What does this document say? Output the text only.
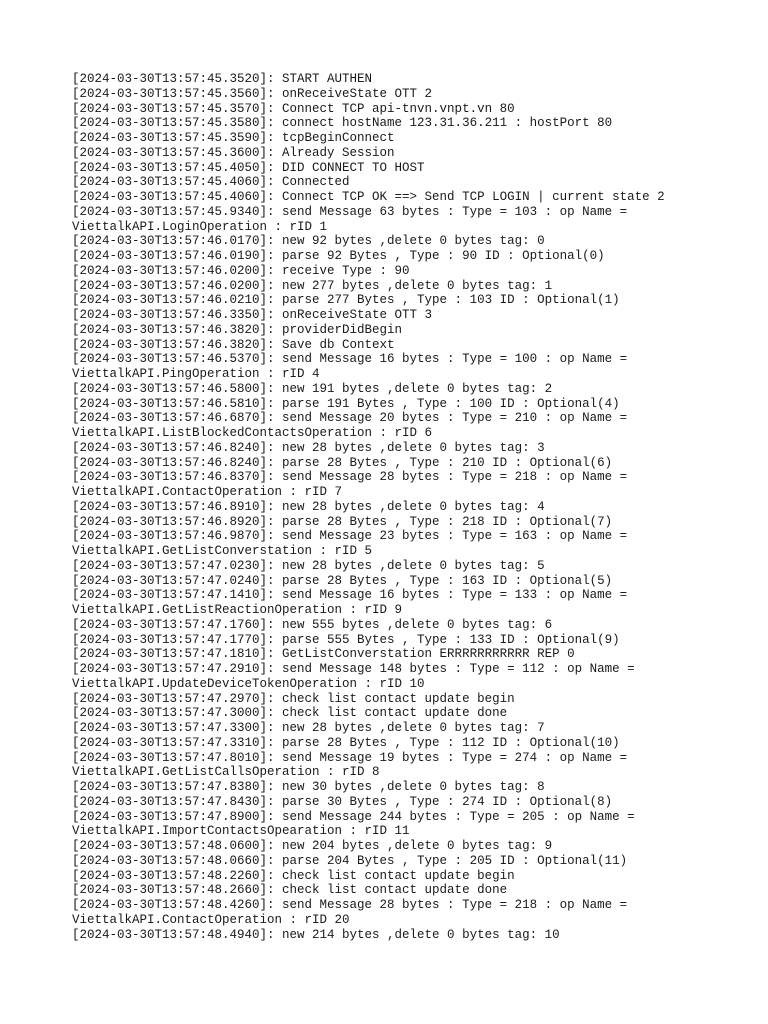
[2024-03-30T13:57:45.3520]: START AUTHEN
[2024-03-30T13:57:45.3560]: onReceiveState OTT 2
[2024-03-30T13:57:45.3570]: Connect TCP api-tnvn.vnpt.vn 80
[2024-03-30T13:57:45.3580]: connect hostName 123.31.36.211 : hostPort 80
[2024-03-30T13:57:45.3590]: tcpBeginConnect
[2024-03-30T13:57:45.3600]: Already Session
[2024-03-30T13:57:45.4050]: DID CONNECT TO HOST
[2024-03-30T13:57:45.4060]: Connected
[2024-03-30T13:57:45.4060]: Connect TCP OK ==> Send TCP LOGIN | current state 2
[2024-03-30T13:57:45.9340]: send Message 63 bytes : Type = 103 : op Name =
ViettalkAPI.LoginOperation : rID 1
[2024-03-30T13:57:46.0170]: new 92 bytes ,delete 0 bytes tag: 0
[2024-03-30T13:57:46.0190]: parse 92 Bytes , Type : 90 ID : Optional(0)
[2024-03-30T13:57:46.0200]: receive Type : 90
[2024-03-30T13:57:46.0200]: new 277 bytes ,delete 0 bytes tag: 1
[2024-03-30T13:57:46.0210]: parse 277 Bytes , Type : 103 ID : Optional(1)
[2024-03-30T13:57:46.3350]: onReceiveState OTT 3
[2024-03-30T13:57:46.3820]: providerDidBegin
[2024-03-30T13:57:46.3820]: Save db Context
[2024-03-30T13:57:46.5370]: send Message 16 bytes : Type = 100 : op Name =
ViettalkAPI.PingOperation : rID 4
[2024-03-30T13:57:46.5800]: new 191 bytes ,delete 0 bytes tag: 2
[2024-03-30T13:57:46.5810]: parse 191 Bytes , Type : 100 ID : Optional(4)
[2024-03-30T13:57:46.6870]: send Message 20 bytes : Type = 210 : op Name =
ViettalkAPI.ListBlockedContactsOperation : rID 6
[2024-03-30T13:57:46.8240]: new 28 bytes ,delete 0 bytes tag: 3
[2024-03-30T13:57:46.8240]: parse 28 Bytes , Type : 210 ID : Optional(6)
[2024-03-30T13:57:46.8370]: send Message 28 bytes : Type = 218 : op Name =
ViettalkAPI.ContactOperation : rID 7
[2024-03-30T13:57:46.8910]: new 28 bytes ,delete 0 bytes tag: 4
[2024-03-30T13:57:46.8920]: parse 28 Bytes , Type : 218 ID : Optional(7)
[2024-03-30T13:57:46.9870]: send Message 23 bytes : Type = 163 : op Name =
ViettalkAPI.GetListConverstation : rID 5
[2024-03-30T13:57:47.0230]: new 28 bytes ,delete 0 bytes tag: 5
[2024-03-30T13:57:47.0240]: parse 28 Bytes , Type : 163 ID : Optional(5)
[2024-03-30T13:57:47.1410]: send Message 16 bytes : Type = 133 : op Name =
ViettalkAPI.GetListReactionOperation : rID 9
[2024-03-30T13:57:47.1760]: new 555 bytes ,delete 0 bytes tag: 6
[2024-03-30T13:57:47.1770]: parse 555 Bytes , Type : 133 ID : Optional(9)
[2024-03-30T13:57:47.1810]: GetListConverstation ERRRRRRRRRRR REP 0
[2024-03-30T13:57:47.2910]: send Message 148 bytes : Type = 112 : op Name =
ViettalkAPI.UpdateDeviceTokenOperation : rID 10
[2024-03-30T13:57:47.2970]: check list contact update begin
[2024-03-30T13:57:47.3000]: check list contact update done
[2024-03-30T13:57:47.3300]: new 28 bytes ,delete 0 bytes tag: 7
[2024-03-30T13:57:47.3310]: parse 28 Bytes , Type : 112 ID : Optional(10)
[2024-03-30T13:57:47.8010]: send Message 19 bytes : Type = 274 : op Name =
ViettalkAPI.GetListCallsOperation : rID 8
[2024-03-30T13:57:47.8380]: new 30 bytes ,delete 0 bytes tag: 8
[2024-03-30T13:57:47.8430]: parse 30 Bytes , Type : 274 ID : Optional(8)
[2024-03-30T13:57:47.8900]: send Message 244 bytes : Type = 205 : op Name =
ViettalkAPI.ImportContactsOpearation : rID 11
[2024-03-30T13:57:48.0600]: new 204 bytes ,delete 0 bytes tag: 9
[2024-03-30T13:57:48.0660]: parse 204 Bytes , Type : 205 ID : Optional(11)
[2024-03-30T13:57:48.2260]: check list contact update begin
[2024-03-30T13:57:48.2660]: check list contact update done
[2024-03-30T13:57:48.4260]: send Message 28 bytes : Type = 218 : op Name =
ViettalkAPI.ContactOperation : rID 20
[2024-03-30T13:57:48.4940]: new 214 bytes ,delete 0 bytes tag: 10
